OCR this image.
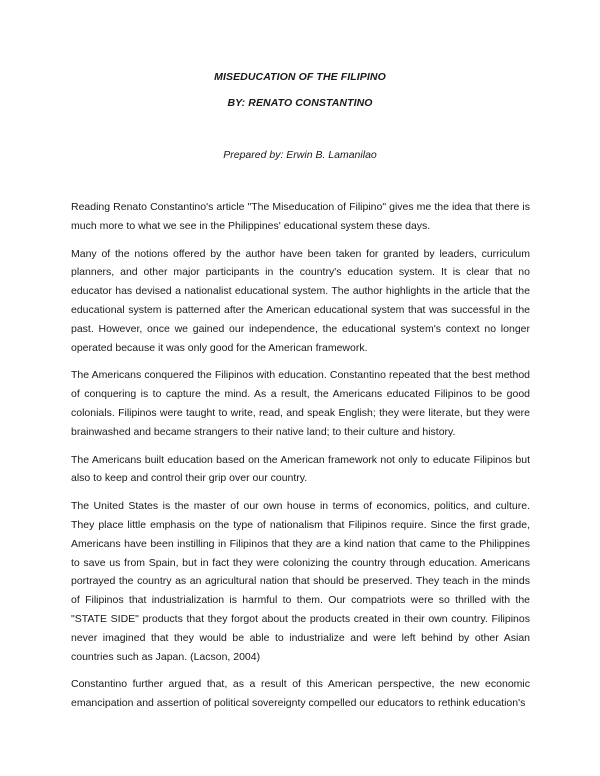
MISEDUCATION OF THE FILIPINO
BY: RENATO CONSTANTINO
Prepared by: Erwin B. Lamanilao

Reading Renato Constantino's article "The Miseducation of Filipino" gives me the idea that there is much more to what we see in the Philippines' educational system these days.

Many of the notions offered by the author have been taken for granted by leaders, curriculum planners, and other major participants in the country's education system. It is clear that no educator has devised a nationalist educational system. The author highlights in the article that the educational system is patterned after the American educational system that was successful in the past. However, once we gained our independence, the educational system's context no longer operated because it was only good for the American framework.

The Americans conquered the Filipinos with education. Constantino repeated that the best method of conquering is to capture the mind. As a result, the Americans educated Filipinos to be good colonials. Filipinos were taught to write, read, and speak English; they were literate, but they were brainwashed and became strangers to their native land; to their culture and history.

The Americans built education based on the American framework not only to educate Filipinos but also to keep and control their grip over our country.

The United States is the master of our own house in terms of economics, politics, and culture. They place little emphasis on the type of nationalism that Filipinos require. Since the first grade, Americans have been instilling in Filipinos that they are a kind nation that came to the Philippines to save us from Spain, but in fact they were colonizing the country through education. Americans portrayed the country as an agricultural nation that should be preserved. They teach in the minds of Filipinos that industrialization is harmful to them. Our compatriots were so thrilled with the "STATE SIDE" products that they forgot about the products created in their own country. Filipinos never imagined that they would be able to industrialize and were left behind by other Asian countries such as Japan. (Lacson, 2004)

Constantino further argued that, as a result of this American perspective, the new economic emancipation and assertion of political sovereignty compelled our educators to rethink education's
